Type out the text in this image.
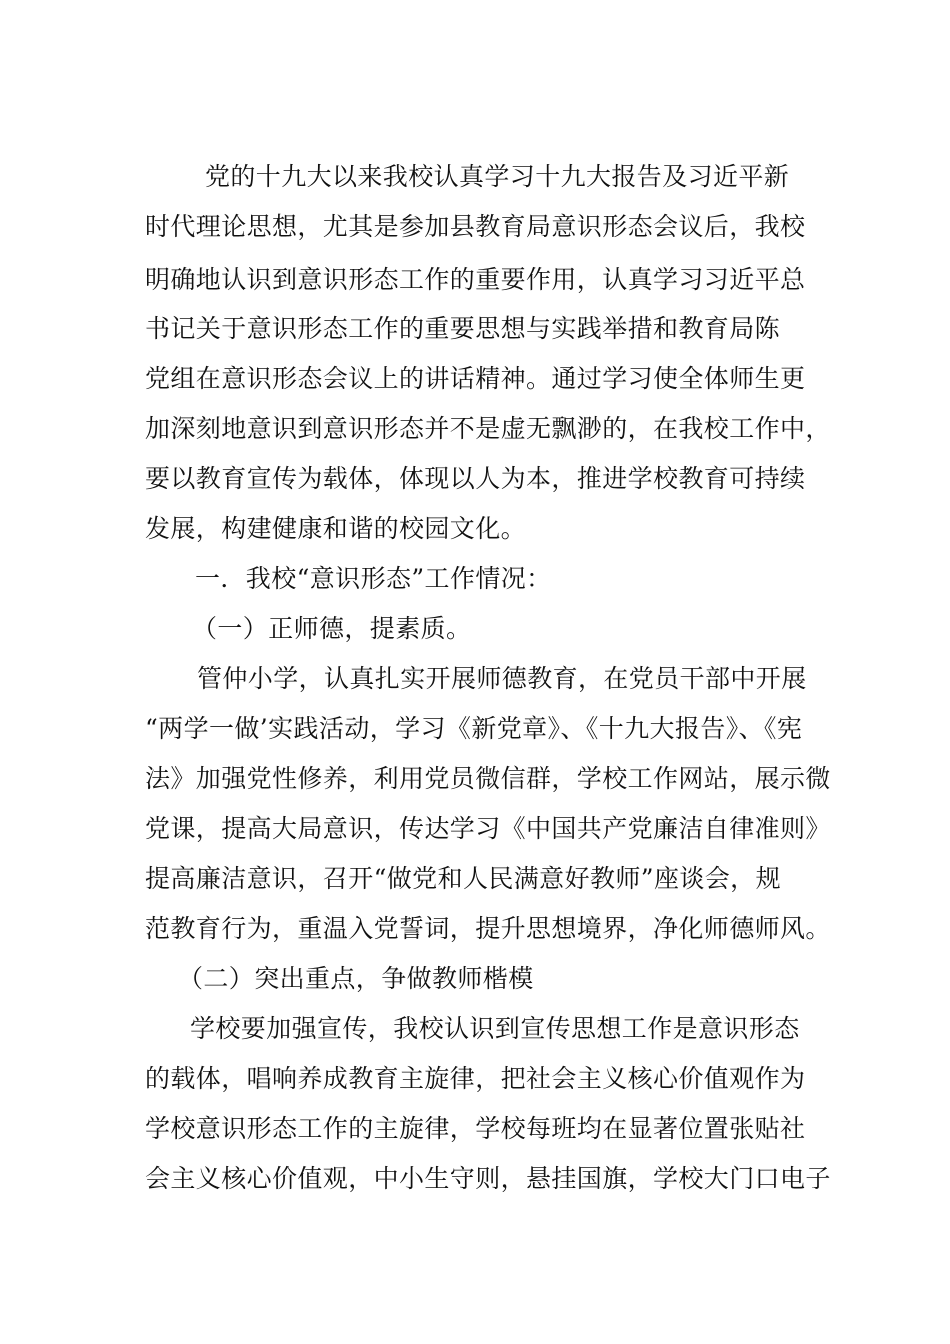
党的十九大以来我校认真学习十九大报告及习近平新
时代理论思想，尤其是参加县教育局意识形态会议后，我校
明确地认识到意识形态工作的重要作用，认真学习习近平总
书记关于意识形态工作的重要思想与实践举措和教育局陈
党组在意识形态会议上的讲话精神。通过学习使全体师生更
加深刻地意识到意识形态并不是虚无飘渺的，在我校工作中，
要以教育宣传为载体，体现以人为本，推进学校教育可持续
发展，构建健康和谐的校园文化。
一．我校“意识形态”工作情况：
（一）正师德，提素质。
管仲小学，认真扎实开展师德教育，在党员干部中开展
“两学一做’实践活动，学习《新党章》、《十九大报告》、《宪
法》加强党性修养，利用党员微信群，学校工作网站，展示微
党课，提高大局意识，传达学习《中国共产党廉洁自律准则》
提高廉洁意识，召开“做党和人民满意好教师”座谈会，规
范教育行为，重温入党誓词，提升思想境界，净化师德师风。
（二）突出重点，争做教师楷模
学校要加强宣传，我校认识到宣传思想工作是意识形态
的载体，唱响养成教育主旋律，把社会主义核心价值观作为
学校意识形态工作的主旋律，学校每班均在显著位置张贴社
会主义核心价值观，中小生守则，悬挂国旗，学校大门口电子
